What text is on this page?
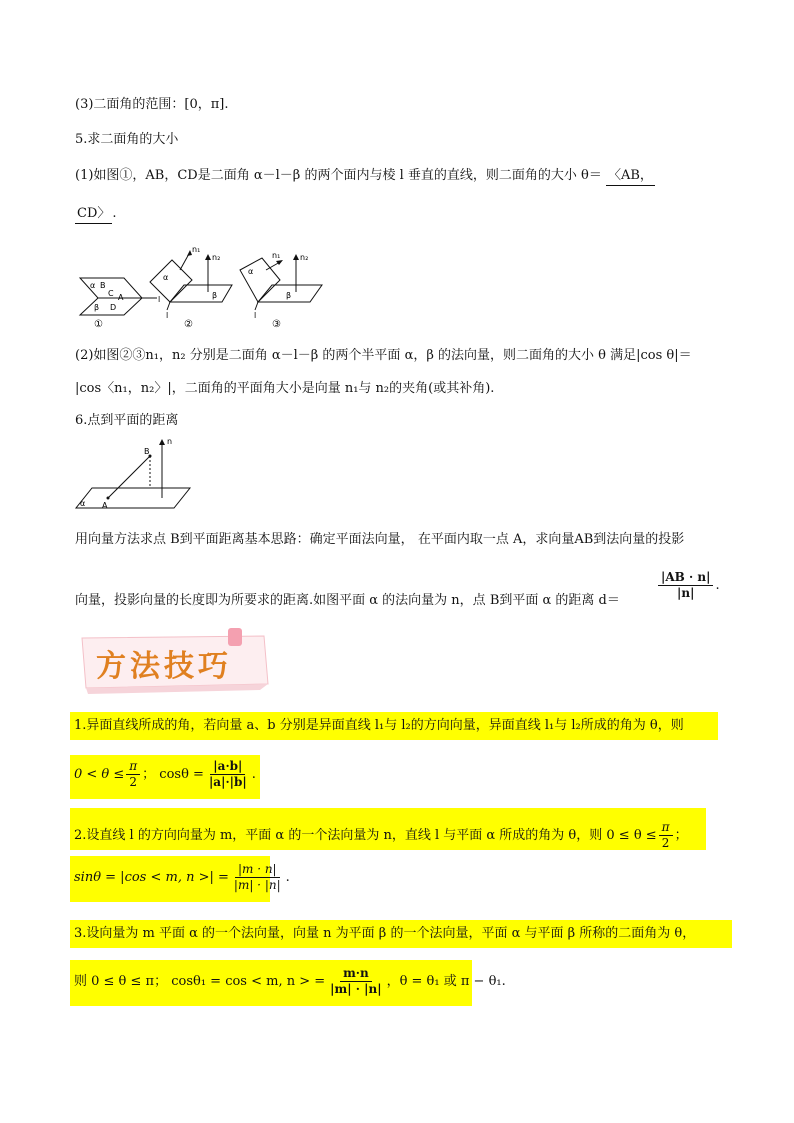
(3)二面角的范围：[0，π].
5.求二面角的大小
(1)如图①，AB，CD是二面角 α－l－β 的两个面内与棱 l 垂直的直线，则二面角的大小 θ＝ 〈AB，
CD〉 .
α B
C A
β D
l
①
α
n₁
n₂
β
l
②
α
n₁ n₂
β
l
③
(2)如图②③n₁，n₂ 分别是二面角 α－l－β 的两个半平面 α，β 的法向量，则二面角的大小 θ 满足|cos θ|＝
|cos〈n₁，n₂〉|，二面角的平面角大小是向量 n₁与 n₂的夹角(或其补角).
6.点到平面的距离
n
B
A
α
用向量方法求点 B到平面距离基本思路：确定平面法向量， 在平面内取一点 A，求向量AB到法向量的投影
向量，投影向量的长度即为所要求的距离.如图平面 α 的法向量为 n，点 B到平面 α 的距离 d＝	$\frac{|AB \cdot n|}{|n|}$ .
方法技巧
1.异面直线所成的角，若向量 a、b 分别是异面直线 l₁与 l₂的方向向量，异面直线 l₁与 l₂所成的角为 θ，则
$0 < \theta \le \frac{\pi}{2}$ ； $\cos\theta = \frac{|a\cdot b|}{|a|\cdot|b|}$ .
2.设直线 l 的方向向量为 m，平面 α 的一个法向量为 n，直线 l 与平面 α 所成的角为 θ，则 $0 \le \theta \le \frac{\pi}{2}$ ；
sinθ = |cos < m, n >| = $\frac{|m \cdot n|}{|m| \cdot |n|}$ .
3.设向量为 m 平面 α 的一个法向量，向量 n 为平面 β 的一个法向量，平面 α 与平面 β 所称的二面角为 θ，
则 0 ≤ θ ≤ π； cosθ₁ = cos < m, n > = $\frac{m\cdot n}{|m| \cdot |n|}$ ，θ = θ₁ 或 π − θ₁.
